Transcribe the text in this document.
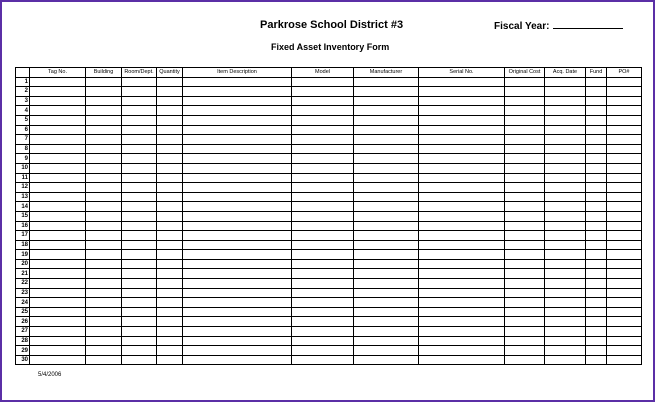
Parkrose School District #3	Fiscal Year:
Fixed Asset Inventory Form
	Tag No.	Building	Room/Dept.	Quantity	Item Description	Model	Manufacturer	Serial No.	Original Cost	Acq. Date	Fund	PO#
1												
2												
3												
4												
5												
6												
7												
8												
9												
10												
11												
12												
13												
14												
15												
16												
17												
18												
19												
20												
21												
22												
23												
24												
25												
26												
27												
28												
29												
30												
5/4/2006
